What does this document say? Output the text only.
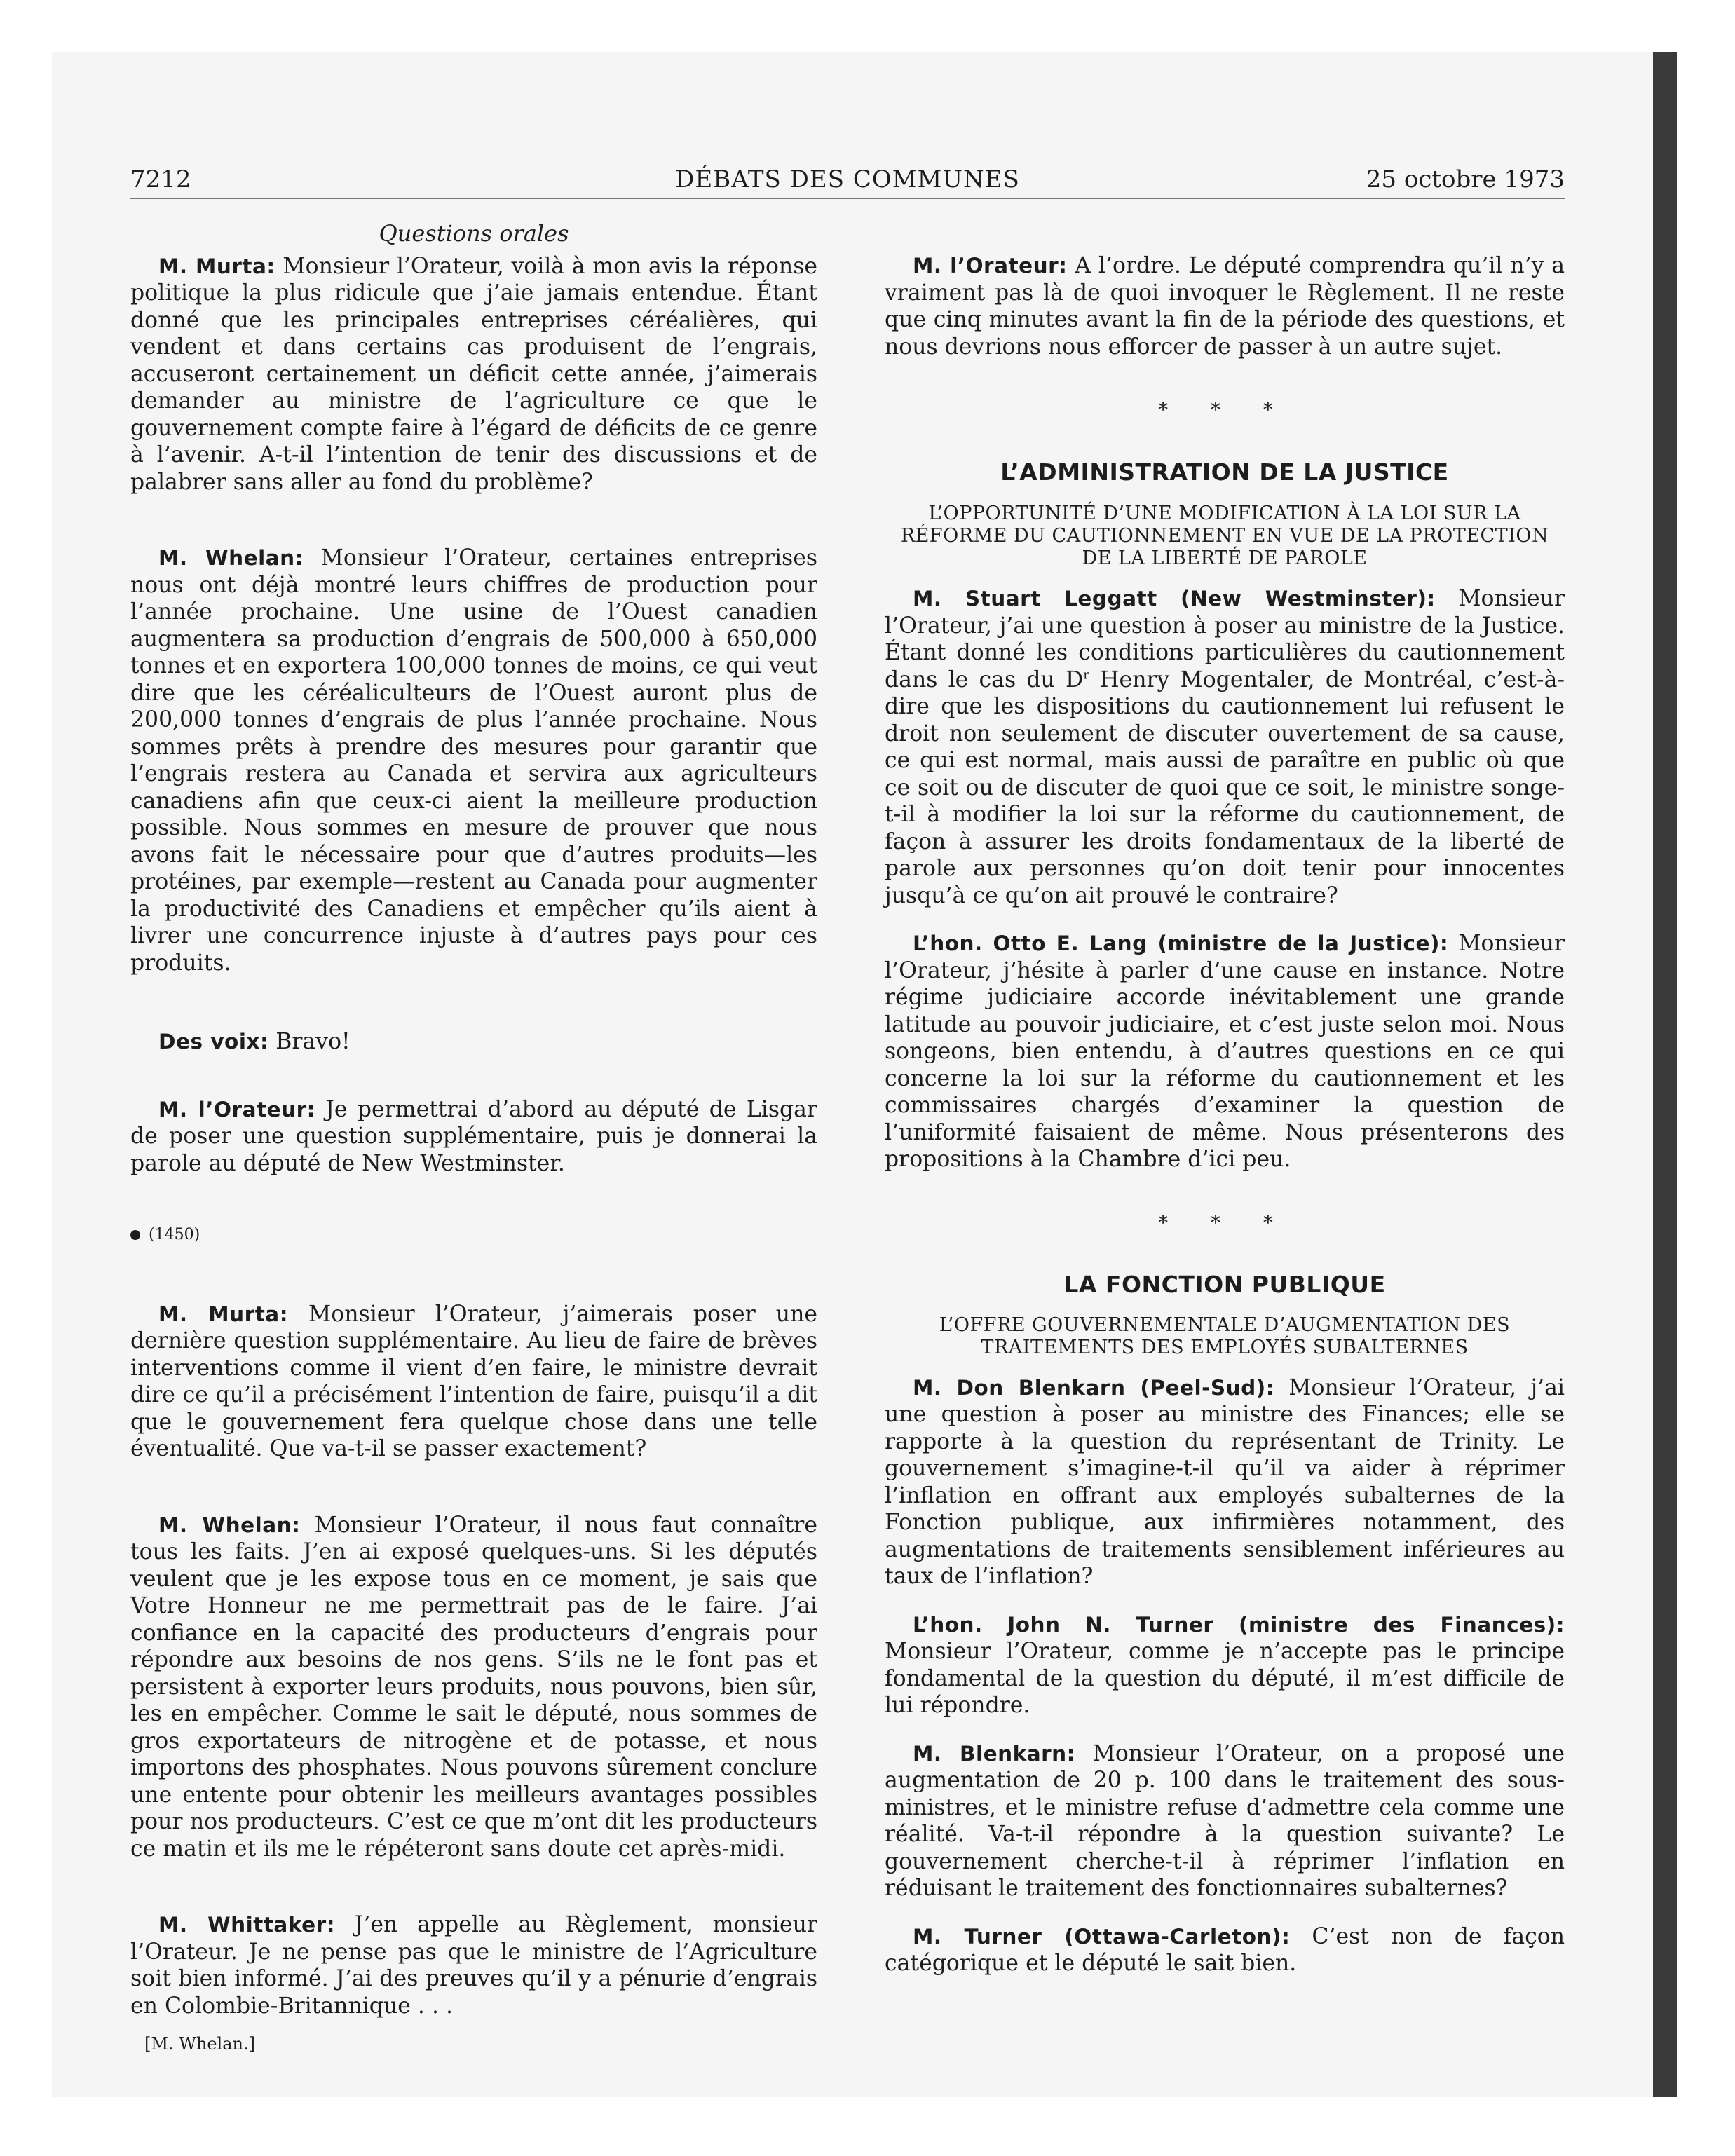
7212	DÉBATS DES COMMUNES	25 octobre 1973
Questions orales

M. Murta: Monsieur l’Orateur, voilà à mon avis la réponse politique la plus ridicule que j’aie jamais entendue. Étant donné que les principales entreprises céréalières, qui vendent et dans certains cas produisent de l’engrais, accuseront certainement un déficit cette année, j’aimerais demander au ministre de l’agriculture ce que le gouvernement compte faire à l’égard de déficits de ce genre à l’avenir. A-t-il l’intention de tenir des discussions et de palabrer sans aller au fond du problème?

M. Whelan: Monsieur l’Orateur, certaines entreprises nous ont déjà montré leurs chiffres de production pour l’année prochaine. Une usine de l’Ouest canadien augmentera sa production d’engrais de 500,000 à 650,000 tonnes et en exportera 100,000 tonnes de moins, ce qui veut dire que les céréaliculteurs de l’Ouest auront plus de 200,000 tonnes d’engrais de plus l’année prochaine. Nous sommes prêts à prendre des mesures pour garantir que l’engrais restera au Canada et servira aux agriculteurs canadiens afin que ceux-ci aient la meilleure production possible. Nous sommes en mesure de prouver que nous avons fait le nécessaire pour que d’autres produits—les protéines, par exemple—restent au Canada pour augmenter la productivité des Canadiens et empêcher qu’ils aient à livrer une concurrence injuste à d’autres pays pour ces produits.

Des voix: Bravo!

M. l’Orateur: Je permettrai d’abord au député de Lisgar de poser une question supplémentaire, puis je donnerai la parole au député de New Westminster.

(1450)

M. Murta: Monsieur l’Orateur, j’aimerais poser une dernière question supplémentaire. Au lieu de faire de brèves interventions comme il vient d’en faire, le ministre devrait dire ce qu’il a précisément l’intention de faire, puisqu’il a dit que le gouvernement fera quelque chose dans une telle éventualité. Que va-t-il se passer exactement?

M. Whelan: Monsieur l’Orateur, il nous faut connaître tous les faits. J’en ai exposé quelques-uns. Si les députés veulent que je les expose tous en ce moment, je sais que Votre Honneur ne me permettrait pas de le faire. J’ai confiance en la capacité des producteurs d’engrais pour répondre aux besoins de nos gens. S’ils ne le font pas et persistent à exporter leurs produits, nous pouvons, bien sûr, les en empêcher. Comme le sait le député, nous sommes de gros exportateurs de nitrogène et de potasse, et nous importons des phosphates. Nous pouvons sûrement conclure une entente pour obtenir les meilleurs avantages possibles pour nos producteurs. C’est ce que m’ont dit les producteurs ce matin et ils me le répéteront sans doute cet après-midi.

M. Whittaker: J’en appelle au Règlement, monsieur l’Orateur. Je ne pense pas que le ministre de l’Agriculture soit bien informé. J’ai des preuves qu’il y a pénurie d’engrais en Colombie-Britannique . . .

[M. Whelan.]

M. l’Orateur: A l’ordre. Le député comprendra qu’il n’y a vraiment pas là de quoi invoquer le Règlement. Il ne reste que cinq minutes avant la fin de la période des questions, et nous devrions nous efforcer de passer à un autre sujet.

* * *
L’ADMINISTRATION DE LA JUSTICE
L’OPPORTUNITÉ D’UNE MODIFICATION À LA LOI SUR LA RÉFORME DU CAUTIONNEMENT EN VUE DE LA PROTECTION DE LA LIBERTÉ DE PAROLE

M. Stuart Leggatt (New Westminster): Monsieur l’Orateur, j’ai une question à poser au ministre de la Justice. Étant donné les conditions particulières du cautionnement dans le cas du $D^r$ Henry Mogentaler, de Montréal, c’est-à-dire que les dispositions du cautionnement lui refusent le droit non seulement de discuter ouvertement de sa cause, ce qui est normal, mais aussi de paraître en public où que ce soit ou de discuter de quoi que ce soit, le ministre songe-t-il à modifier la loi sur la réforme du cautionnement, de façon à assurer les droits fondamentaux de la liberté de parole aux personnes qu’on doit tenir pour innocentes jusqu’à ce qu’on ait prouvé le contraire?

L’hon. Otto E. Lang (ministre de la Justice): Monsieur l’Orateur, j’hésite à parler d’une cause en instance. Notre régime judiciaire accorde inévitablement une grande latitude au pouvoir judiciaire, et c’est juste selon moi. Nous songeons, bien entendu, à d’autres questions en ce qui concerne la loi sur la réforme du cautionnement et les commissaires chargés d’examiner la question de l’uniformité faisaient de même. Nous présenterons des propositions à la Chambre d’ici peu.

* * *
LA FONCTION PUBLIQUE
L’OFFRE GOUVERNEMENTALE D’AUGMENTATION DES TRAITEMENTS DES EMPLOYÉS SUBALTERNES

M. Don Blenkarn (Peel-Sud): Monsieur l’Orateur, j’ai une question à poser au ministre des Finances; elle se rapporte à la question du représentant de Trinity. Le gouvernement s’imagine-t-il qu’il va aider à réprimer l’inflation en offrant aux employés subalternes de la Fonction publique, aux infirmières notamment, des augmentations de traitements sensiblement inférieures au taux de l’inflation?

L’hon. John N. Turner (ministre des Finances): Monsieur l’Orateur, comme je n’accepte pas le principe fondamental de la question du député, il m’est difficile de lui répondre.

M. Blenkarn: Monsieur l’Orateur, on a proposé une augmentation de 20 p. 100 dans le traitement des sous-ministres, et le ministre refuse d’admettre cela comme une réalité. Va-t-il répondre à la question suivante? Le gouvernement cherche-t-il à réprimer l’inflation en réduisant le traitement des fonctionnaires subalternes?

M. Turner (Ottawa-Carleton): C’est non de façon catégorique et le député le sait bien.
